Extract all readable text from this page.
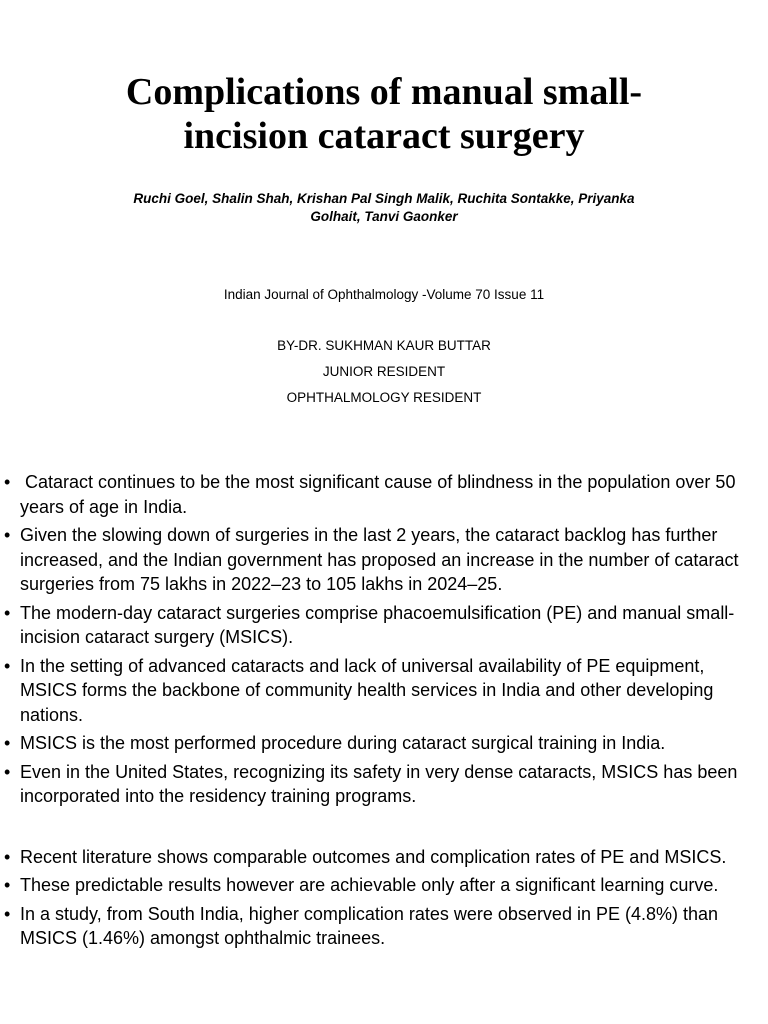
Complications of manual small-
incision cataract surgery

Ruchi Goel, Shalin Shah, Krishan Pal Singh Malik, Ruchita Sontakke, Priyanka
Golhait, Tanvi Gaonker

Indian Journal of Ophthalmology -Volume 70 Issue 11

BY-DR. SUKHMAN KAUR BUTTAR
JUNIOR RESIDENT
OPHTHALMOLOGY RESIDENT
• Cataract continues to be the most significant cause of blindness in the population over 50 years of age in India.
• Given the slowing down of surgeries in the last 2 years, the cataract backlog has further increased, and the Indian government has proposed an increase in the number of cataract surgeries from 75 lakhs in 2022–23 to 105 lakhs in 2024–25.
• The modern-day cataract surgeries comprise phacoemulsification (PE) and manual small-incision cataract surgery (MSICS).
• In the setting of advanced cataracts and lack of universal availability of PE equipment, MSICS forms the backbone of community health services in India and other developing nations.
• MSICS is the most performed procedure during cataract surgical training in India.
• Even in the United States, recognizing its safety in very dense cataracts, MSICS has been incorporated into the residency training programs.
• Recent literature shows comparable outcomes and complication rates of PE and MSICS.
• These predictable results however are achievable only after a significant learning curve.
• In a study, from South India, higher complication rates were observed in PE (4.8%) than MSICS (1.46%) amongst ophthalmic trainees.
